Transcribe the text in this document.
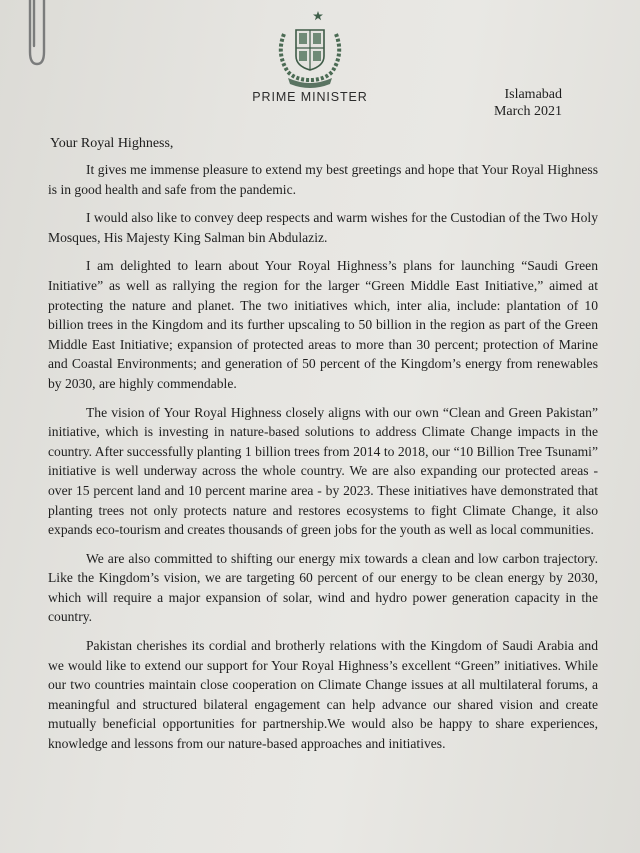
PRIME MINISTER	Islamabad
March 2021
Your Royal Highness,

It gives me immense pleasure to extend my best greetings and hope that Your Royal Highness is in good health and safe from the pandemic.

I would also like to convey deep respects and warm wishes for the Custodian of the Two Holy Mosques, His Majesty King Salman bin Abdulaziz.

I am delighted to learn about Your Royal Highness’s plans for launching “Saudi Green Initiative” as well as rallying the region for the larger “Green Middle East Initiative,” aimed at protecting the nature and planet. The two initiatives which, inter alia, include: plantation of 10 billion trees in the Kingdom and its further upscaling to 50 billion in the region as part of the Green Middle East Initiative; expansion of protected areas to more than 30 percent; protection of Marine and Coastal Environments; and generation of 50 percent of the Kingdom’s energy from renewables by 2030, are highly commendable.

The vision of Your Royal Highness closely aligns with our own “Clean and Green Pakistan” initiative, which is investing in nature-based solutions to address Climate Change impacts in the country. After successfully planting 1 billion trees from 2014 to 2018, our “10 Billion Tree Tsunami” initiative is well underway across the whole country. We are also expanding our protected areas - over 15 percent land and 10 percent marine area - by 2023. These initiatives have demonstrated that planting trees not only protects nature and restores ecosystems to fight Climate Change, it also expands eco-tourism and creates thousands of green jobs for the youth as well as local communities.

We are also committed to shifting our energy mix towards a clean and low carbon trajectory. Like the Kingdom’s vision, we are targeting 60 percent of our energy to be clean energy by 2030, which will require a major expansion of solar, wind and hydro power generation capacity in the country.

Pakistan cherishes its cordial and brotherly relations with the Kingdom of Saudi Arabia and we would like to extend our support for Your Royal Highness’s excellent “Green” initiatives. While our two countries maintain close cooperation on Climate Change issues at all multilateral forums, a meaningful and structured bilateral engagement can help advance our shared vision and create mutually beneficial opportunities for partnership.We would also be happy to share experiences, knowledge and lessons from our nature-based approaches and initiatives.
